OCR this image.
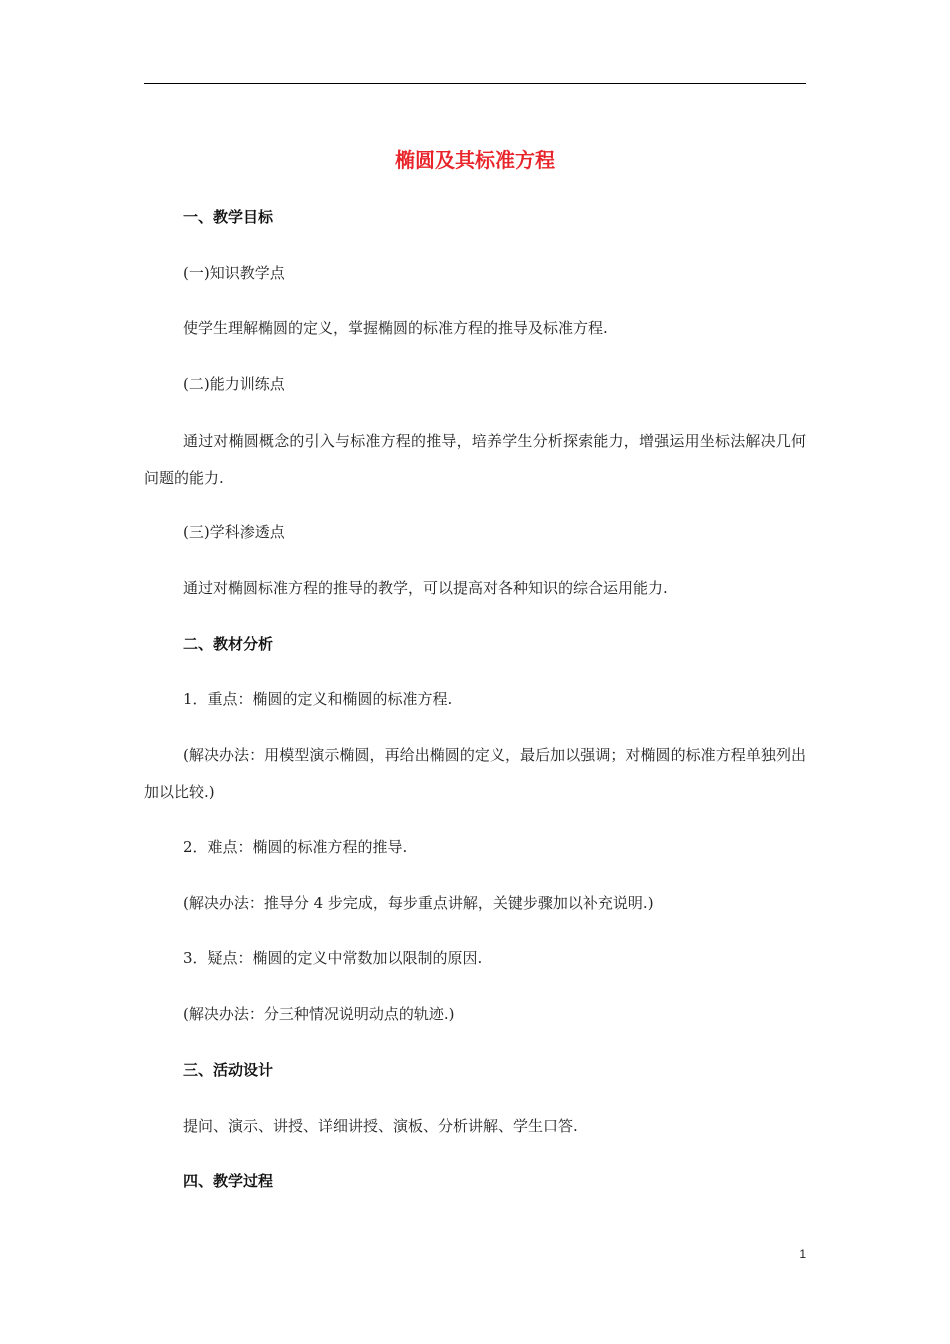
椭圆及其标准方程
一、教学目标
(一)知识教学点
使学生理解椭圆的定义，掌握椭圆的标准方程的推导及标准方程.
(二)能力训练点
通过对椭圆概念的引入与标准方程的推导，培养学生分析探索能力，增强运用坐标法解决几何问题的能力.
(三)学科渗透点
通过对椭圆标准方程的推导的教学，可以提高对各种知识的综合运用能力.
二、教材分析
1．重点：椭圆的定义和椭圆的标准方程.
(解决办法：用模型演示椭圆，再给出椭圆的定义，最后加以强调；对椭圆的标准方程单独列出加以比较.)
2．难点：椭圆的标准方程的推导.
(解决办法：推导分 4 步完成，每步重点讲解，关键步骤加以补充说明.)
3．疑点：椭圆的定义中常数加以限制的原因.
(解决办法：分三种情况说明动点的轨迹.)
三、活动设计
提问、演示、讲授、详细讲授、演板、分析讲解、学生口答.
四、教学过程
1
